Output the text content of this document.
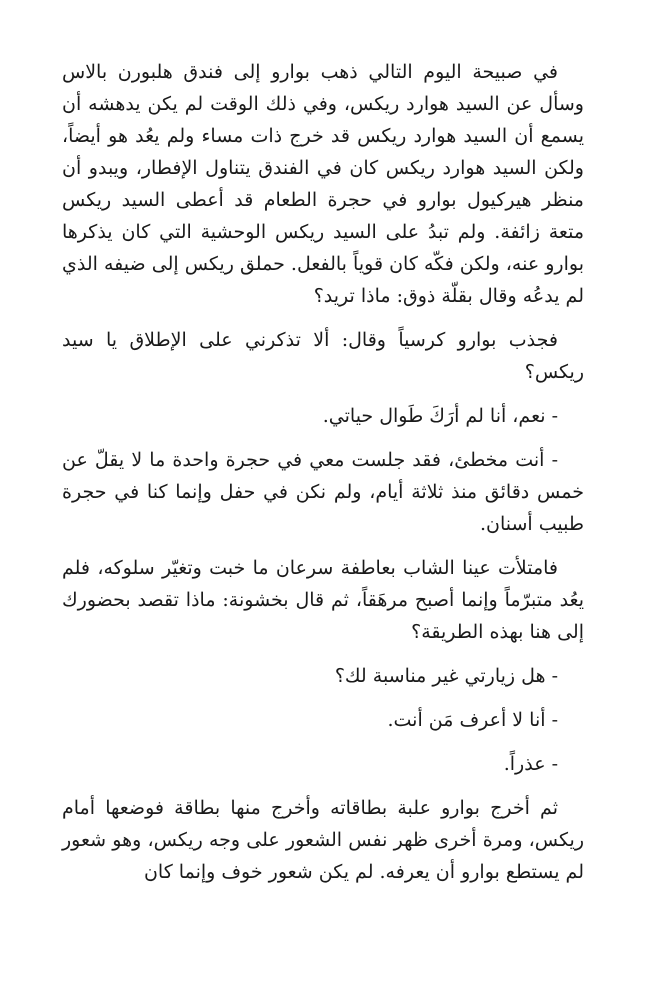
في صبيحة اليوم التالي ذهب بوارو إلى فندق هلبورن بالاس وسأل عن السيد هوارد ريكس، وفي ذلك الوقت لم يكن يدهشه أن يسمع أن السيد هوارد ريكس قد خرج ذات مساء ولم يعُد هو أيضاً، ولكن السيد هوارد ريكس كان في الفندق يتناول الإفطار، ويبدو أن منظر هيركيول بوارو في حجرة الطعام قد أعطى السيد ريكس متعة زائفة. ولم تبدُ على السيد ريكس الوحشية التي كان يذكرها بوارو عنه، ولكن فكّه كان قوياً بالفعل. حملق ريكس إلى ضيفه الذي لم يدعُه وقال بقلّة ذوق: ماذا تريد؟

فجذب بوارو كرسياً وقال: ألا تذكرني على الإطلاق يا سيد ريكس؟

- نعم، أنا لم أرَكَ طَوال حياتي.

- أنت مخطئ، فقد جلست معي في حجرة واحدة ما لا يقلّ عن خمس دقائق منذ ثلاثة أيام، ولم نكن في حفل وإنما كنا في حجرة طبيب أسنان.

فامتلأت عينا الشاب بعاطفة سرعان ما خبت وتغيّر سلوكه، فلم يعُد متبرّماً وإنما أصبح مرهَقاً، ثم قال بخشونة: ماذا تقصد بحضورك إلى هنا بهذه الطريقة؟

- هل زيارتي غير مناسبة لك؟

- أنا لا أعرف مَن أنت.

- عذراً.

ثم أخرج بوارو علبة بطاقاته وأخرج منها بطاقة فوضعها أمام ريكس، ومرة أخرى ظهر نفس الشعور على وجه ريكس، وهو شعور لم يستطع بوارو أن يعرفه. لم يكن شعور خوف وإنما كان
